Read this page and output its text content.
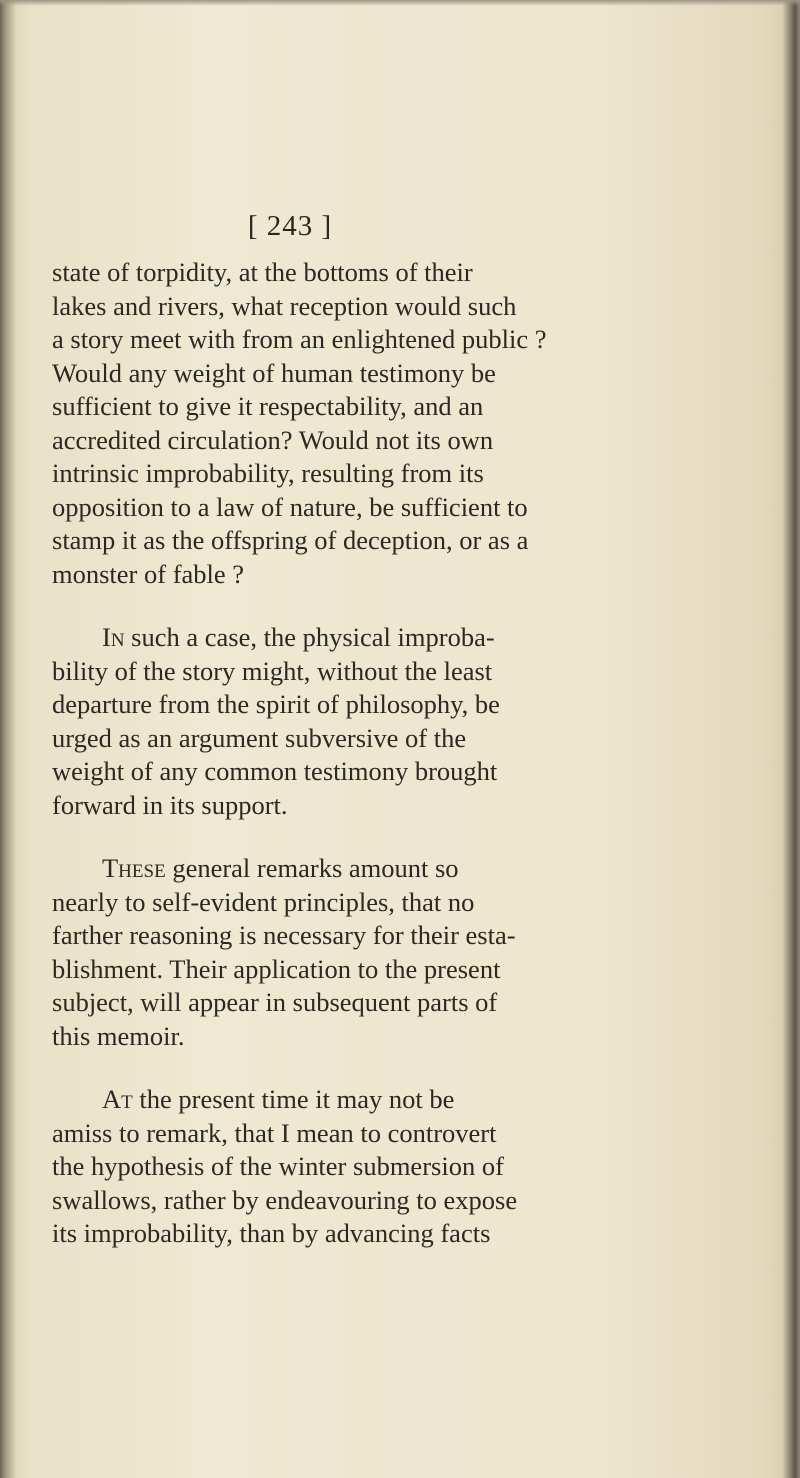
[ 243 ]

state of torpidity, at the bottoms of their
lakes and rivers, what reception would such
a story meet with from an enlightened public ?
Would any weight of human testimony be
sufficient to give it respectability, and an
accredited circulation? Would not its own
intrinsic improbability, resulting from its
opposition to a law of nature, be sufficient to
stamp it as the offspring of deception, or as a
monster of fable ?

In such a case, the physical improba-
bility of the story might, without the least
departure from the spirit of philosophy, be
urged as an argument subversive of the
weight of any common testimony brought
forward in its support.

These general remarks amount so
nearly to self-evident principles, that no
farther reasoning is necessary for their esta-
blishment. Their application to the present
subject, will appear in subsequent parts of
this memoir.

At the present time it may not be
amiss to remark, that I mean to controvert
the hypothesis of the winter submersion of
swallows, rather by endeavouring to expose
its improbability, than by advancing facts
